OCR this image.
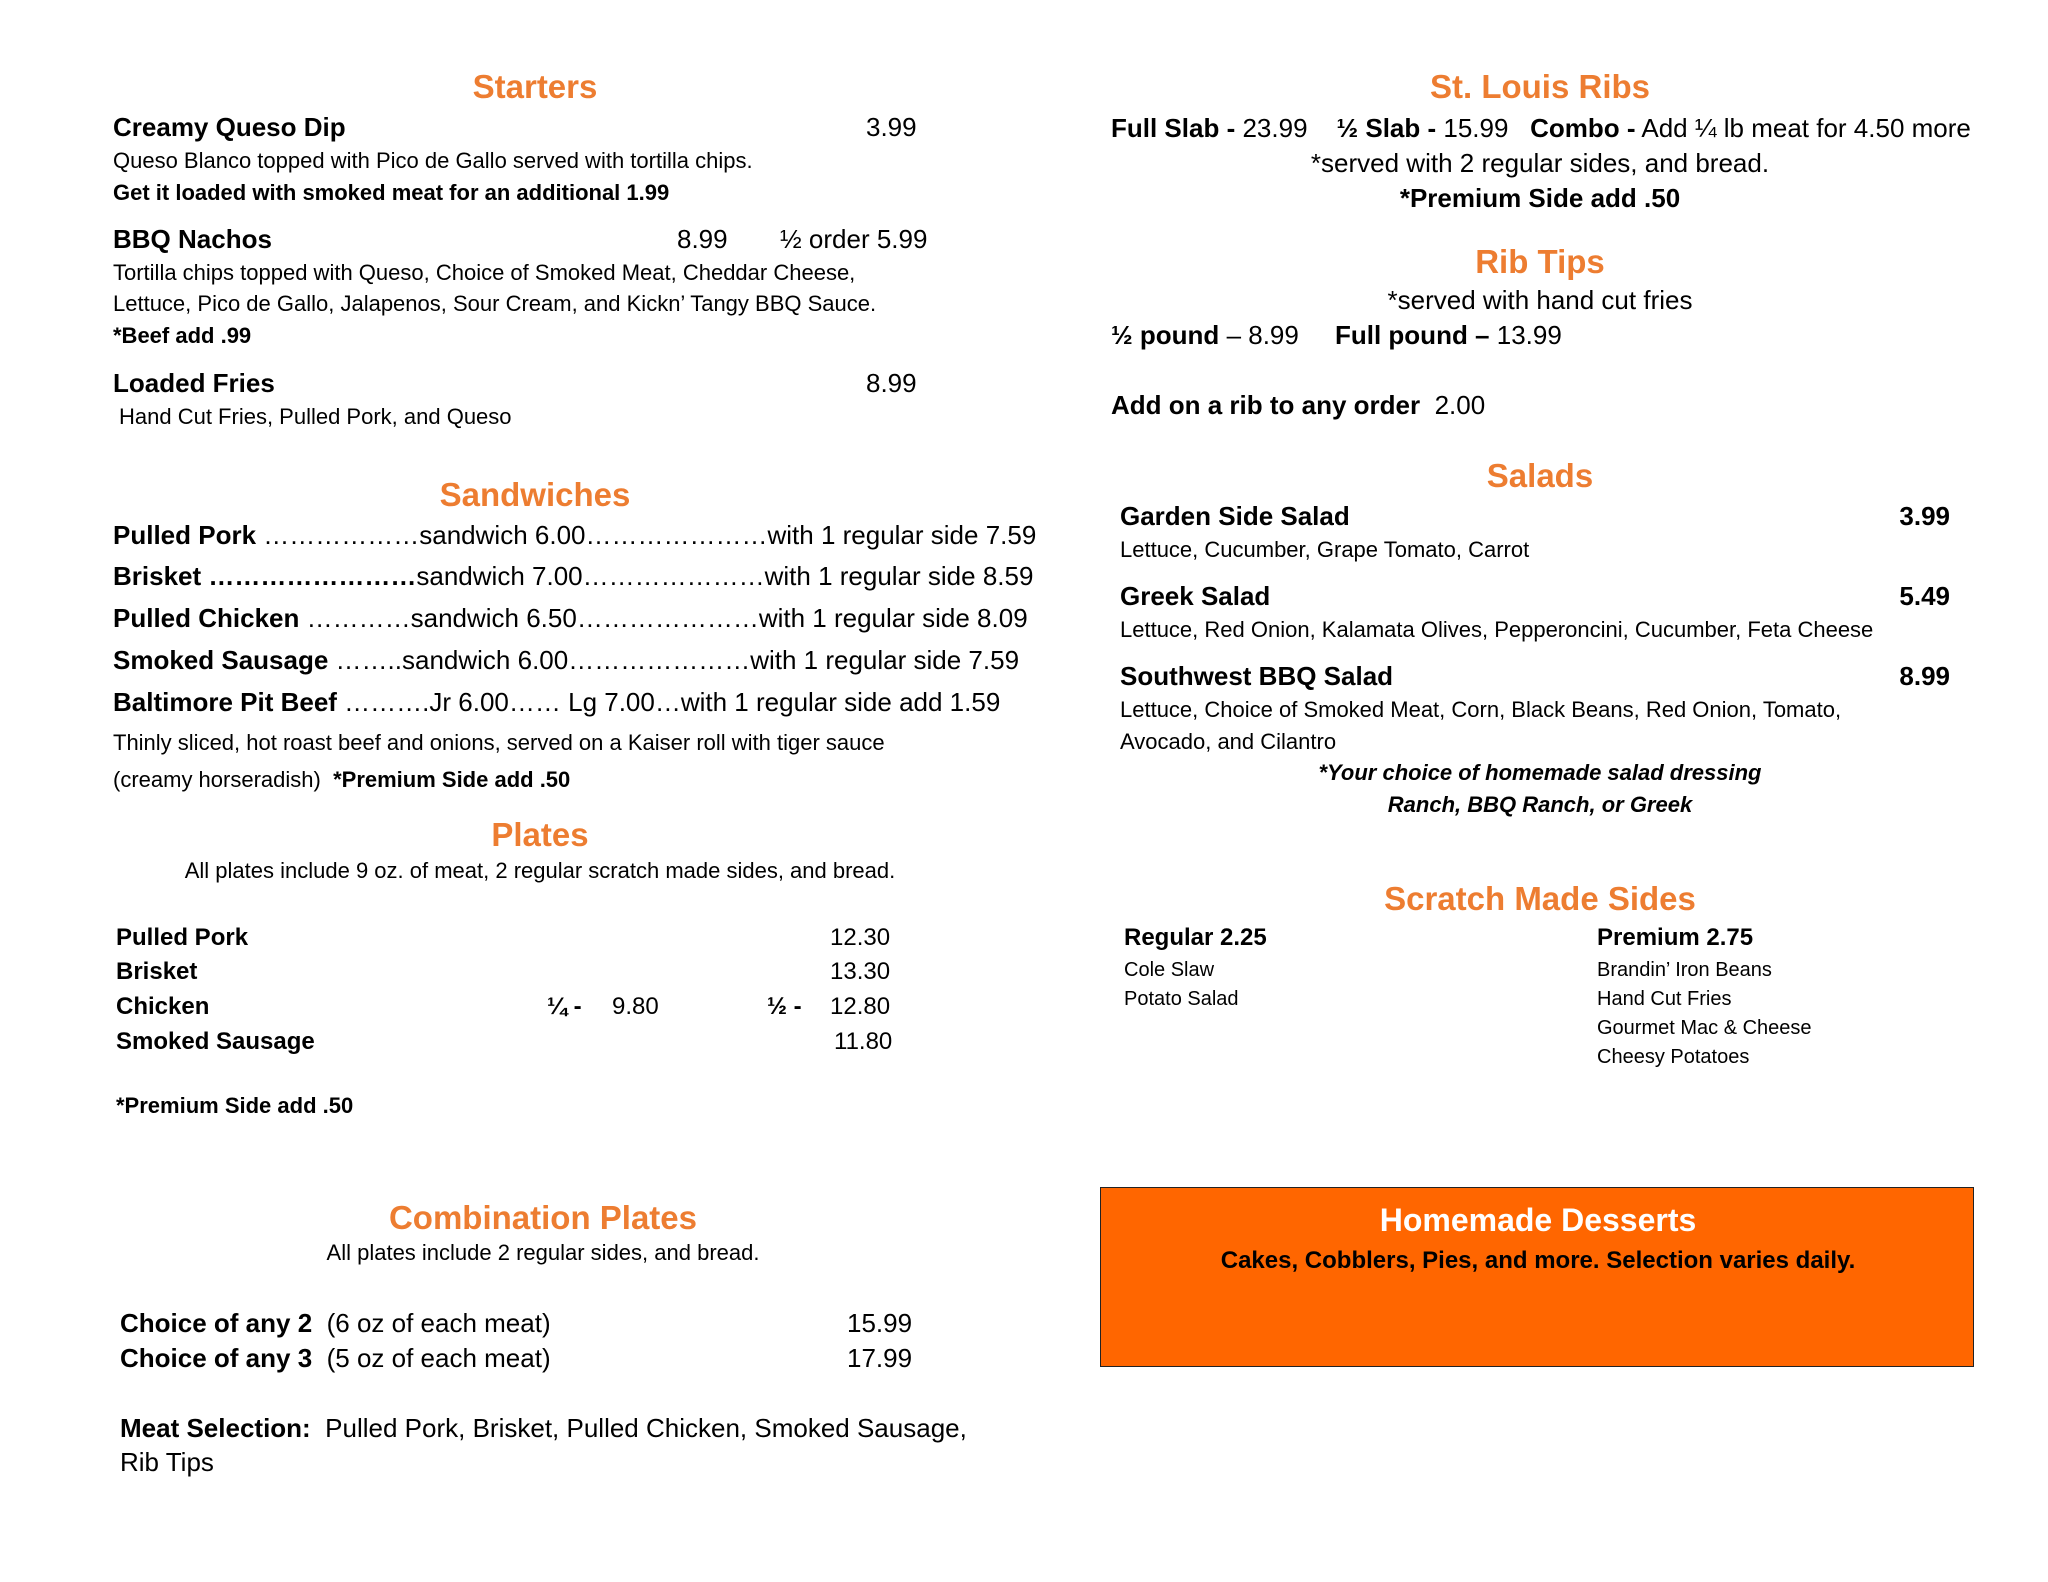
Starters
Creamy Queso Dip	3.99
Queso Blanco topped with Pico de Gallo served with tortilla chips.
Get it loaded with smoked meat for an additional 1.99
BBQ Nachos	8.99 ½ order 5.99
Tortilla chips topped with Queso, Choice of Smoked Meat, Cheddar Cheese,
Lettuce, Pico de Gallo, Jalapenos, Sour Cream, and Kickn’ Tangy BBQ Sauce.
*Beef add .99
Loaded Fries	8.99
Hand Cut Fries, Pulled Pork, and Queso
Sandwiches
Pulled Pork ………………sandwich 6.00…………………with 1 regular side 7.59
Brisket ……………………sandwich 7.00…………………with 1 regular side 8.59
Pulled Chicken …………sandwich 6.50…………………with 1 regular side 8.09
Smoked Sausage ……..sandwich 6.00…………………with 1 regular side 7.59
Baltimore Pit Beef ……….Jr 6.00…… Lg 7.00…with 1 regular side add 1.59
Thinly sliced, hot roast beef and onions, served on a Kaiser roll with tiger sauce
(creamy horseradish) *Premium Side add .50
Plates
All plates include 9 oz. of meat, 2 regular scratch made sides, and bread.
Pulled Pork	12.30
Brisket	13.30
Chicken	¼ - 9.80	½ - 12.80
Smoked Sausage	11.80
*Premium Side add .50
Combination Plates
All plates include 2 regular sides, and bread.
Choice of any 2 (6 oz of each meat)	15.99
Choice of any 3 (5 oz of each meat)	17.99
Meat Selection: Pulled Pork, Brisket, Pulled Chicken, Smoked Sausage,
Rib Tips
St. Louis Ribs
Full Slab - 23.99 ½ Slab - 15.99 Combo - Add ¼ lb meat for 4.50 more
*served with 2 regular sides, and bread.
*Premium Side add .50
Rib Tips
*served with hand cut fries
½ pound – 8.99 Full pound – 13.99
Add on a rib to any order 2.00
Salads
Garden Side Salad	3.99
Lettuce, Cucumber, Grape Tomato, Carrot
Greek Salad	5.49
Lettuce, Red Onion, Kalamata Olives, Pepperoncini, Cucumber, Feta Cheese
Southwest BBQ Salad	8.99
Lettuce, Choice of Smoked Meat, Corn, Black Beans, Red Onion, Tomato,
Avocado, and Cilantro
*Your choice of homemade salad dressing
Ranch, BBQ Ranch, or Greek
Scratch Made Sides
Regular 2.25
Cole Slaw
Potato Salad
Premium 2.75
Brandin’ Iron Beans
Hand Cut Fries
Gourmet Mac & Cheese
Cheesy Potatoes
Homemade Desserts
Cakes, Cobblers, Pies, and more. Selection varies daily.
